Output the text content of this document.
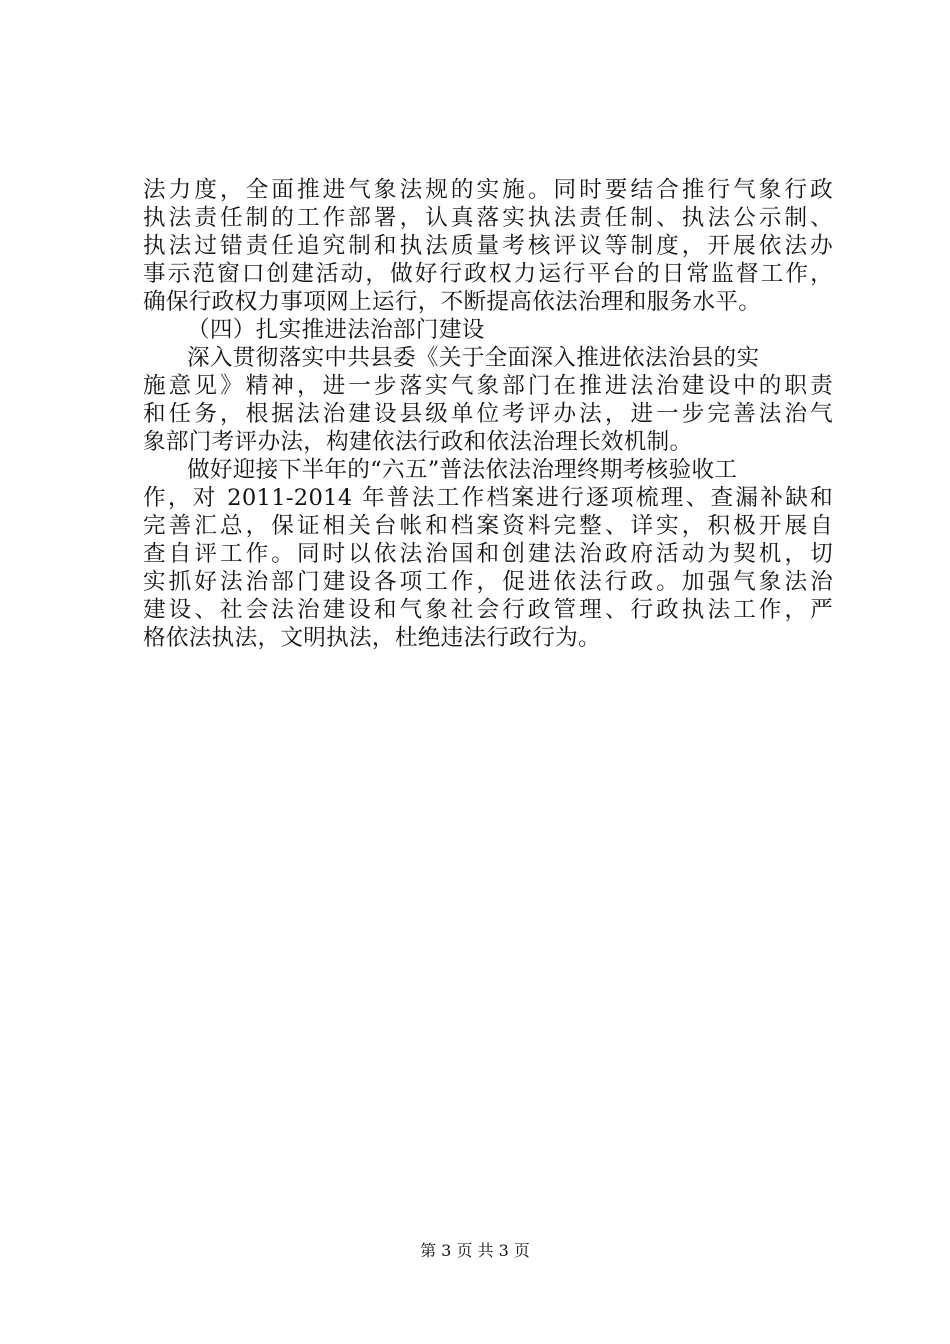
法力度，全面推进气象法规的实施。同时要结合推行气象行政
执法责任制的工作部署，认真落实执法责任制、执法公示制、
执法过错责任追究制和执法质量考核评议等制度，开展依法办
事示范窗口创建活动，做好行政权力运行平台的日常监督工作，
确保行政权力事项网上运行，不断提高依法治理和服务水平。
（四）扎实推进法治部门建设
深入贯彻落实中共县委《关于全面深入推进依法治县的实
施意见》精神，进一步落实气象部门在推进法治建设中的职责
和任务，根据法治建设县级单位考评办法，进一步完善法治气
象部门考评办法，构建依法行政和依法治理长效机制。
做好迎接下半年的“六五”普法依法治理终期考核验收工
作，对 2011-2014 年普法工作档案进行逐项梳理、查漏补缺和
完善汇总，保证相关台帐和档案资料完整、详实，积极开展自
查自评工作。同时以依法治国和创建法治政府活动为契机，切
实抓好法治部门建设各项工作，促进依法行政。加强气象法治
建设、社会法治建设和气象社会行政管理、行政执法工作，严
格依法执法，文明执法，杜绝违法行政行为。
第 3 页 共 3 页
